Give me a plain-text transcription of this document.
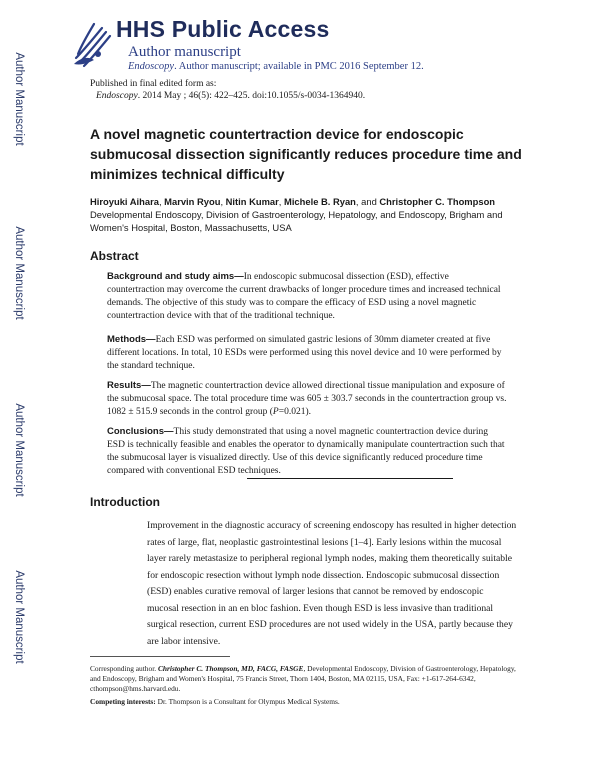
HHS Public Access
Author manuscript
Endoscopy. Author manuscript; available in PMC 2016 September 12.
Author Manuscript
Author Manuscript
Author Manuscript
Author Manuscript
Published in final edited form as:
Endoscopy. 2014 May ; 46(5): 422–425. doi:10.1055/s-0034-1364940.
A novel magnetic countertraction device for endoscopic submucosal dissection significantly reduces procedure time and minimizes technical difficulty
Hiroyuki Aihara, Marvin Ryou, Nitin Kumar, Michele B. Ryan, and Christopher C. Thompson
Developmental Endoscopy, Division of Gastroenterology, Hepatology, and Endoscopy, Brigham and Women's Hospital, Boston, Massachusetts, USA
Abstract
Background and study aims—In endoscopic submucosal dissection (ESD), effective countertraction may overcome the current drawbacks of longer procedure times and increased technical demands. The objective of this study was to compare the efficacy of ESD using a novel magnetic countertraction device with that of the traditional technique.
Methods—Each ESD was performed on simulated gastric lesions of 30mm diameter created at five different locations. In total, 10 ESDs were performed using this novel device and 10 were performed by the standard technique.
Results—The magnetic countertraction device allowed directional tissue manipulation and exposure of the submucosal space. The total procedure time was 605 ± 303.7 seconds in the countertraction group vs. 1082 ± 515.9 seconds in the control group (P=0.021).
Conclusions—This study demonstrated that using a novel magnetic countertraction device during ESD is technically feasible and enables the operator to dynamically manipulate countertraction such that the submucosal layer is visualized directly. Use of this device significantly reduced procedure time compared with conventional ESD techniques.
Introduction
Improvement in the diagnostic accuracy of screening endoscopy has resulted in higher detection rates of large, flat, neoplastic gastrointestinal lesions [1–4]. Early lesions within the mucosal layer rarely metastasize to peripheral regional lymph nodes, making them theoretically suitable for endoscopic resection without lymph node dissection. Endoscopic submucosal dissection (ESD) enables curative removal of larger lesions that cannot be removed by endoscopic mucosal resection in an en bloc fashion. Even though ESD is less invasive than traditional surgical resection, current ESD procedures are not used widely in the USA, partly because they are labor intensive.
Corresponding author. Christopher C. Thompson, MD, FACG, FASGE, Developmental Endoscopy, Division of Gastroenterology, Hepatology, and Endoscopy, Brigham and Women's Hospital, 75 Francis Street, Thorn 1404, Boston, MA 02115, USA, Fax: +1-617-264-6342, cthompson@hms.harvard.edu.
Competing interests: Dr. Thompson is a Consultant for Olympus Medical Systems.
